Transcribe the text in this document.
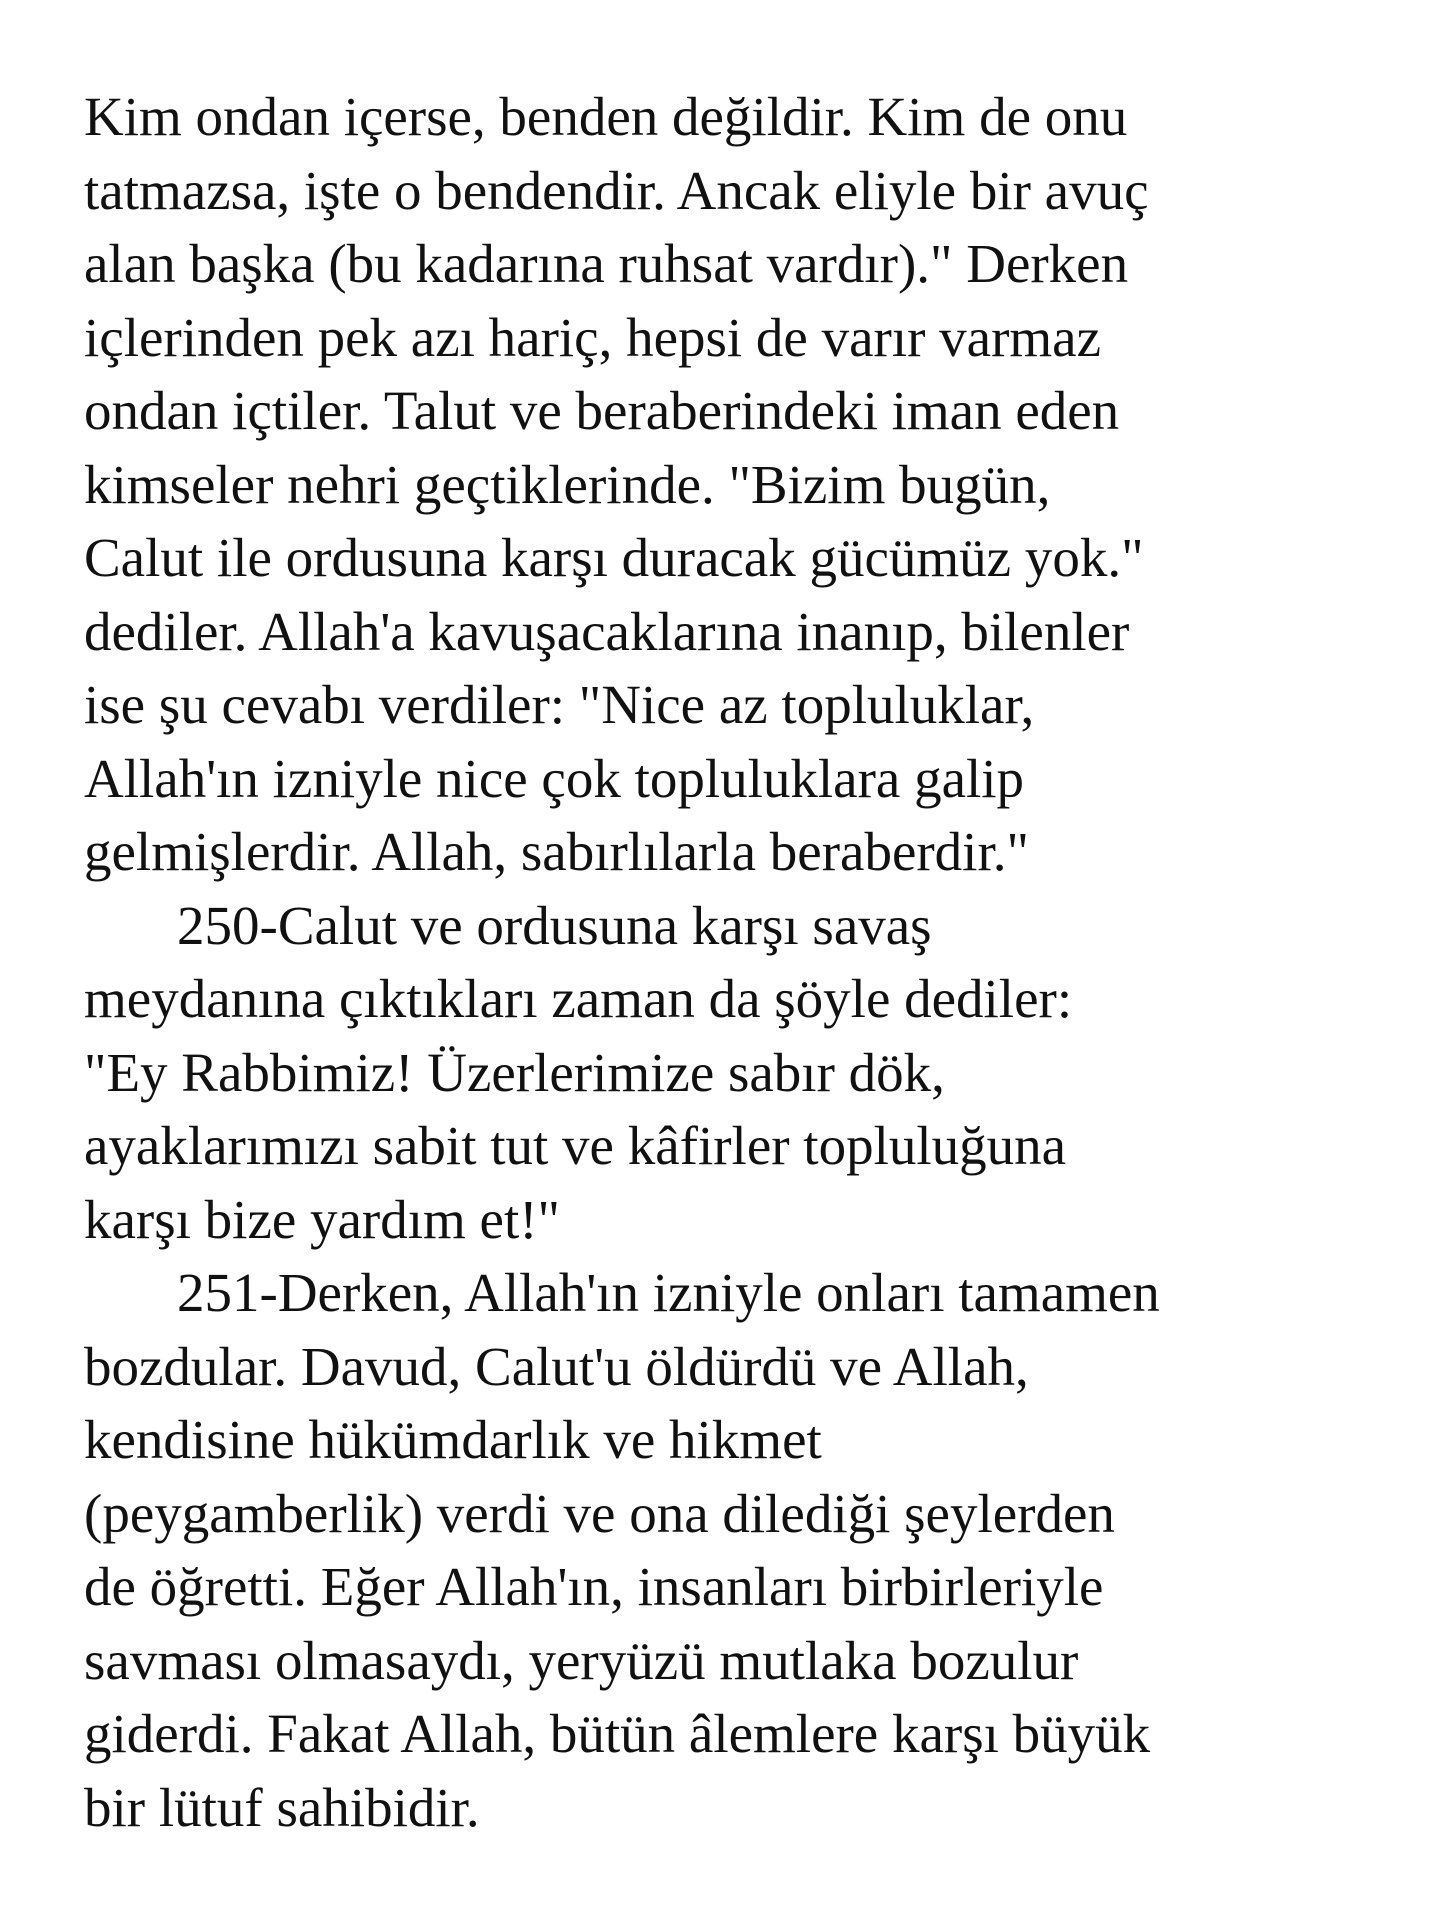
Kim ondan içerse, benden değildir. Kim de onu
tatmazsa, işte o bendendir. Ancak eliyle bir avuç
alan başka (bu kadarına ruhsat vardır)." Derken
içlerinden pek azı hariç, hepsi de varır varmaz
ondan içtiler. Talut ve beraberindeki iman eden
kimseler nehri geçtiklerinde. "Bizim bugün,
Calut ile ordusuna karşı duracak gücümüz yok."
dediler. Allah'a kavuşacaklarına inanıp, bilenler
ise şu cevabı verdiler: "Nice az topluluklar,
Allah'ın izniyle nice çok topluluklara galip
gelmişlerdir. Allah, sabırlılarla beraberdir."
250-Calut ve ordusuna karşı savaş
meydanına çıktıkları zaman da şöyle dediler:
"Ey Rabbimiz! Üzerlerimize sabır dök,
ayaklarımızı sabit tut ve kâfirler topluluğuna
karşı bize yardım et!"
251-Derken, Allah'ın izniyle onları tamamen
bozdular. Davud, Calut'u öldürdü ve Allah,
kendisine hükümdarlık ve hikmet
(peygamberlik) verdi ve ona dilediği şeylerden
de öğretti. Eğer Allah'ın, insanları birbirleriyle
savması olmasaydı, yeryüzü mutlaka bozulur
giderdi. Fakat Allah, bütün âlemlere karşı büyük
bir lütuf sahibidir.
